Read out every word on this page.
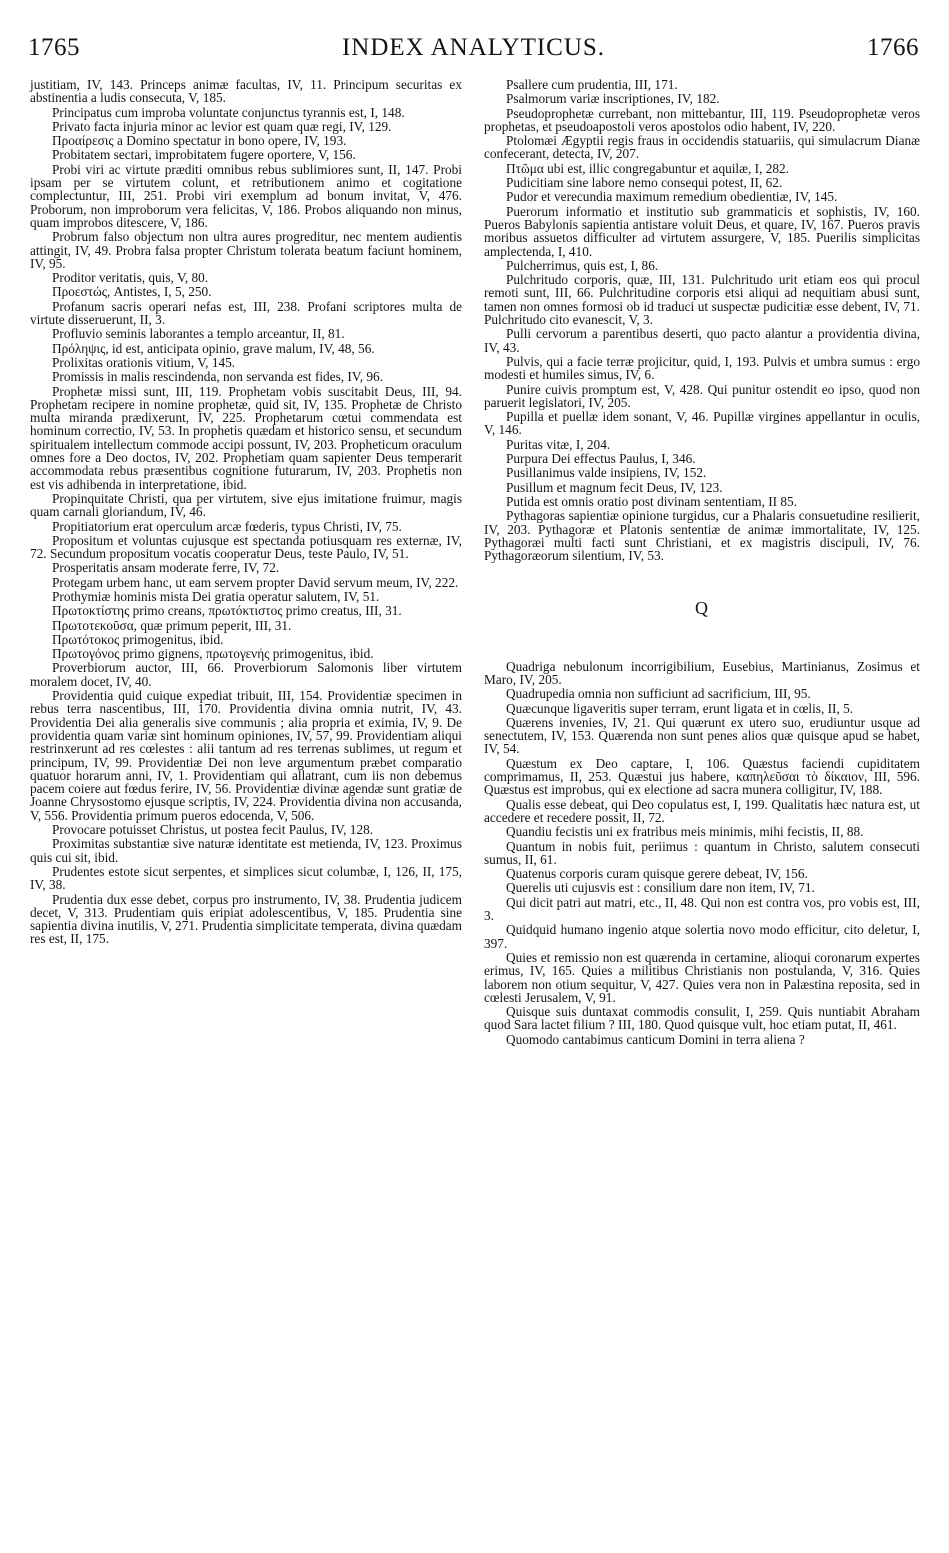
1765	INDEX ANALYTICUS.	1766

justitiam, IV, 143. Princeps animæ facultas, IV, 11. Principum securitas ex abstinentia a ludis consecuta, V, 185.

Principatus cum improba voluntate conjunctus tyrannis est, I, 148.

Privato facta injuria minor ac levior est quam quæ regi, IV, 129.

Προαίρεσις a Domino spectatur in bono opere, IV, 193.

Probitatem sectari, improbitatem fugere oportere, V, 156.

Probi viri ac virtute præditi omnibus rebus sublimiores sunt, II, 147. Probi ipsam per se virtutem colunt, et retributionem animo et cogitatione complectuntur, III, 251. Probi viri exemplum ad bonum invitat, V, 476. Proborum, non improborum vera felicitas, V, 186. Probos aliquando non minus, quam improbos ditescere, V, 186.

Probrum falso objectum non ultra aures progreditur, nec mentem audientis attingit, IV, 49. Probra falsa propter Christum tolerata beatum faciunt hominem, IV, 95.

Proditor veritatis, quis, V, 80.

Προεστώς, Antistes, I, 5, 250.

Profanum sacris operari nefas est, III, 238. Profani scriptores multa de virtute disseruerunt, II, 3.

Profluvio seminis laborantes a templo arceantur, II, 81.

Πρόληψις, id est, anticipata opinio, grave malum, IV, 48, 56.

Prolixitas orationis vitium, V, 145.

Promissis in malis rescindenda, non servanda est fides, IV, 96.

Prophetæ missi sunt, III, 119. Prophetam vobis suscitabit Deus, III, 94. Prophetam recipere in nomine prophetæ, quid sit, IV, 135. Prophetæ de Christo multa miranda prædixerunt, IV, 225. Prophetarum cœtui commendata est hominum correctio, IV, 53. In prophetis quædam et historico sensu, et secundum spiritualem intellectum commode accipi possunt, IV, 203. Propheticum oraculum omnes fore a Deo doctos, IV, 202. Prophetiam quam sapienter Deus temperarit accommodata rebus præsentibus cognitione futurarum, IV, 203. Prophetis non est vis adhibenda in interpretatione, ibid.

Propinquitate Christi, qua per virtutem, sive ejus imitatione fruimur, magis quam carnali gloriandum, IV, 46.

Propitiatorium erat operculum arcæ fœderis, typus Christi, IV, 75.

Propositum et voluntas cujusque est spectanda potiusquam res externæ, IV, 72. Secundum propositum vocatis cooperatur Deus, teste Paulo, IV, 51.

Prosperitatis ansam moderate ferre, IV, 72.

Protegam urbem hanc, ut eam servem propter David servum meum, IV, 222.

Prothymiæ hominis mista Dei gratia operatur salutem, IV, 51.

Πρωτοκτίστης primo creans, πρωτόκτιστος primo creatus, III, 31.

Πρωτοτεκοῦσα, quæ primum peperit, III, 31.

Πρωτότοκος primogenitus, ibid.

Πρωτογόνος primo gignens, πρωτογενής primogenitus, ibid.

Proverbiorum auctor, III, 66. Proverbiorum Salomonis liber virtutem moralem docet, IV, 40.

Providentia quid cuique expediat tribuit, III, 154. Providentiæ specimen in rebus terra nascentibus, III, 170. Providentia divina omnia nutrit, IV, 43. Providentia Dei alia generalis sive communis ; alia propria et eximia, IV, 9. De providentia quam variæ sint hominum opiniones, IV, 57, 99. Providentiam aliqui restrinxerunt ad res cœlestes : alii tantum ad res terrenas sublimes, ut regum et principum, IV, 99. Providentiæ Dei non leve argumentum præbet comparatio quatuor horarum anni, IV, 1. Providentiam qui allatrant, cum iis non debemus pacem coiere aut fœdus ferire, IV, 56. Providentiæ divinæ agendæ sunt gratiæ de Joanne Chrysostomo ejusque scriptis, IV, 224. Providentia divina non accusanda, V, 556. Providentia primum pueros edocenda, V, 506.

Provocare potuisset Christus, ut postea fecit Paulus, IV, 128.

Proximitas substantiæ sive naturæ identitate est metienda, IV, 123. Proximus quis cui sit, ibid.

Prudentes estote sicut serpentes, et simplices sicut columbæ, I, 126, II, 175, IV, 38.

Prudentia dux esse debet, corpus pro instrumento, IV, 38. Prudentia judicem decet, V, 313. Prudentiam quis eripiat adolescentibus, V, 185. Prudentia sine sapientia divina inutilis, V, 271. Prudentia simplicitate temperata, divina quædam res est, II, 175.

Psallere cum prudentia, III, 171.

Psalmorum variæ inscriptiones, IV, 182.

Pseudoprophetæ currebant, non mittebantur, III, 119. Pseudoprophetæ veros prophetas, et pseudoapostoli veros apostolos odio habent, IV, 220.

Ptolomæi Ægyptii regis fraus in occidendis statuariis, qui simulacrum Dianæ confecerant, detecta, IV, 207.

Πτῶμα ubi est, illic congregabuntur et aquilæ, I, 282.

Pudicitiam sine labore nemo consequi potest, II, 62.

Pudor et verecundia maximum remedium obedientiæ, IV, 145.

Puerorum informatio et institutio sub grammaticis et sophistis, IV, 160. Pueros Babylonis sapientia antistare voluit Deus, et quare, IV, 167. Pueros pravis moribus assuetos difficulter ad virtutem assurgere, V, 185. Puerilis simplicitas amplectenda, I, 410.

Pulcherrimus, quis est, I, 86.

Pulchritudo corporis, quæ, III, 131. Pulchritudo urit etiam eos qui procul remoti sunt, III, 66. Pulchritudine corporis etsi aliqui ad nequitiam abusi sunt, tamen non omnes formosi ob id traduci ut suspectæ pudicitiæ esse debent, IV, 71. Pulchritudo cito evanescit, V, 3.

Pulli cervorum a parentibus deserti, quo pacto alantur a providentia divina, IV, 43.

Pulvis, qui a facie terræ projicitur, quid, I, 193. Pulvis et umbra sumus : ergo modesti et humiles simus, IV, 6.

Punire cuivis promptum est, V, 428. Qui punitur ostendit eo ipso, quod non paruerit legislatori, IV, 205.

Pupilla et puellæ idem sonant, V, 46. Pupillæ virgines appellantur in oculis, V, 146.

Puritas vitæ, I, 204.

Purpura Dei effectus Paulus, I, 346.

Pusillanimus valde insipiens, IV, 152.

Pusillum et magnum fecit Deus, IV, 123.

Putida est omnis oratio post divinam sententiam, II 85.

Pythagoras sapientiæ opinione turgidus, cur a Phalaris consuetudine resilierit, IV, 203. Pythagoræ et Platonis sententiæ de animæ immortalitate, IV, 125. Pythagoræi multi facti sunt Christiani, et ex magistris discipuli, IV, 76. Pythagoræorum silentium, IV, 53.

Q

Quadriga nebulonum incorrigibilium, Eusebius, Martinianus, Zosimus et Maro, IV, 205.

Quadrupedia omnia non sufficiunt ad sacrificium, III, 95.

Quæcunque ligaveritis super terram, erunt ligata et in cœlis, II, 5.

Quærens invenies, IV, 21. Qui quærunt ex utero suo, erudiuntur usque ad senectutem, IV, 153. Quærenda non sunt penes alios quæ quisque apud se habet, IV, 54.

Quæstum ex Deo captare, I, 106. Quæstus faciendi cupiditatem comprimamus, II, 253. Quæstui jus habere, καπηλεῦσαι τὸ δίκαιον, III, 596. Quæstus est improbus, qui ex electione ad sacra munera colligitur, IV, 188.

Qualis esse debeat, qui Deo copulatus est, I, 199. Qualitatis hæc natura est, ut accedere et recedere possit, II, 72.

Quandiu fecistis uni ex fratribus meis minimis, mihi fecistis, II, 88.

Quantum in nobis fuit, periimus : quantum in Christo, salutem consecuti sumus, II, 61.

Quatenus corporis curam quisque gerere debeat, IV, 156.

Querelis uti cujusvis est : consilium dare non item, IV, 71.

Qui dicit patri aut matri, etc., II, 48. Qui non est contra vos, pro vobis est, III, 3.

Quidquid humano ingenio atque solertia novo modo efficitur, cito deletur, I, 397.

Quies et remissio non est quærenda in certamine, alioqui coronarum expertes erimus, IV, 165. Quies a militibus Christianis non postulanda, V, 316. Quies laborem non otium sequitur, V, 427. Quies vera non in Palæstina reposita, sed in cœlesti Jerusalem, V, 91.

Quisque suis duntaxat commodis consulit, I, 259. Quis nuntiabit Abraham quod Sara lactet filium ? III, 180. Quod quisque vult, hoc etiam putat, II, 461.

Quomodo cantabimus canticum Domini in terra aliena ?
